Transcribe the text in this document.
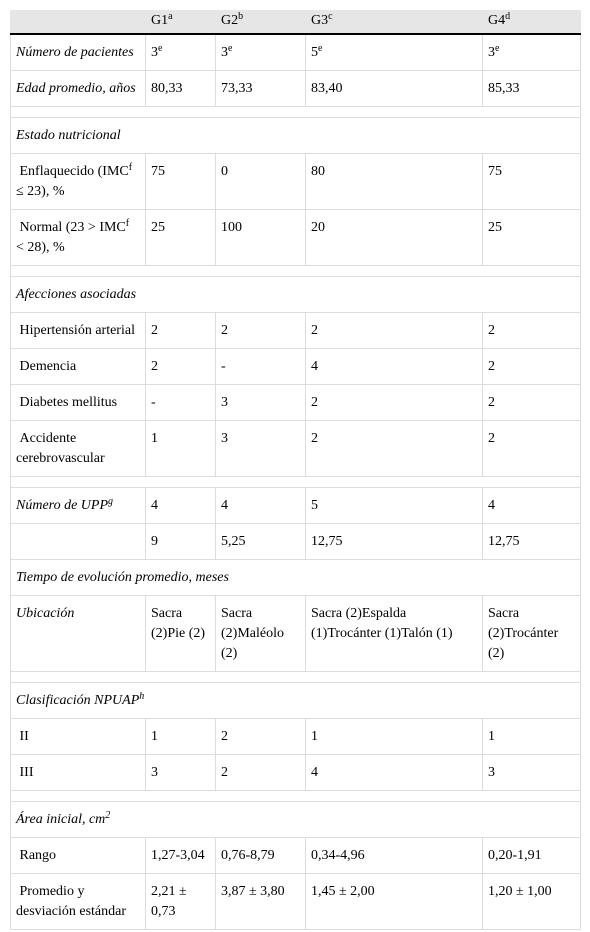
	G1$^a$	G2$^b$	G3$^c$	G4$^d$
Número de pacientes	3e	3e	5e	3e
Edad promedio, años	80,33	73,33	83,40	85,33

Estado nutricional				
Enflaquecido $(IMC^f \le 23)$, %	75	0	80	75
Normal $(23 > IMC^f < 28)$, %	25	100	20	25

Afecciones asociadas				
Hipertensión arterial	2	2	2	2
Demencia	2	-	4	2
Diabetes mellitus	-	3	2	2
Accidente cerebrovascular	1	3	2	2

Número de UPP$^g$	4	4	5	4
	9	5,25	12,75	12,75
Tiempo de evolución promedio, meses				
Ubicación	Sacra (2)Pie (2)	Sacra (2)Maléolo (2)	Sacra (2)Espalda (1)Trocánter (1)Talón (1)	Sacra (2)Trocánter (2)

Clasificación NPUAP$^h$
II	1	2	1	1
III	3	2	4	3

Área inicial, $cm^2$
Rango	1,27-3,04	0,76-8,79	0,34-4,96	0,20-1,91
Promedio y desviación estándar	2,21 ± 0,73	3,87 ± 3,80	1,45 ± 2,00	1,20 ± 1,00
